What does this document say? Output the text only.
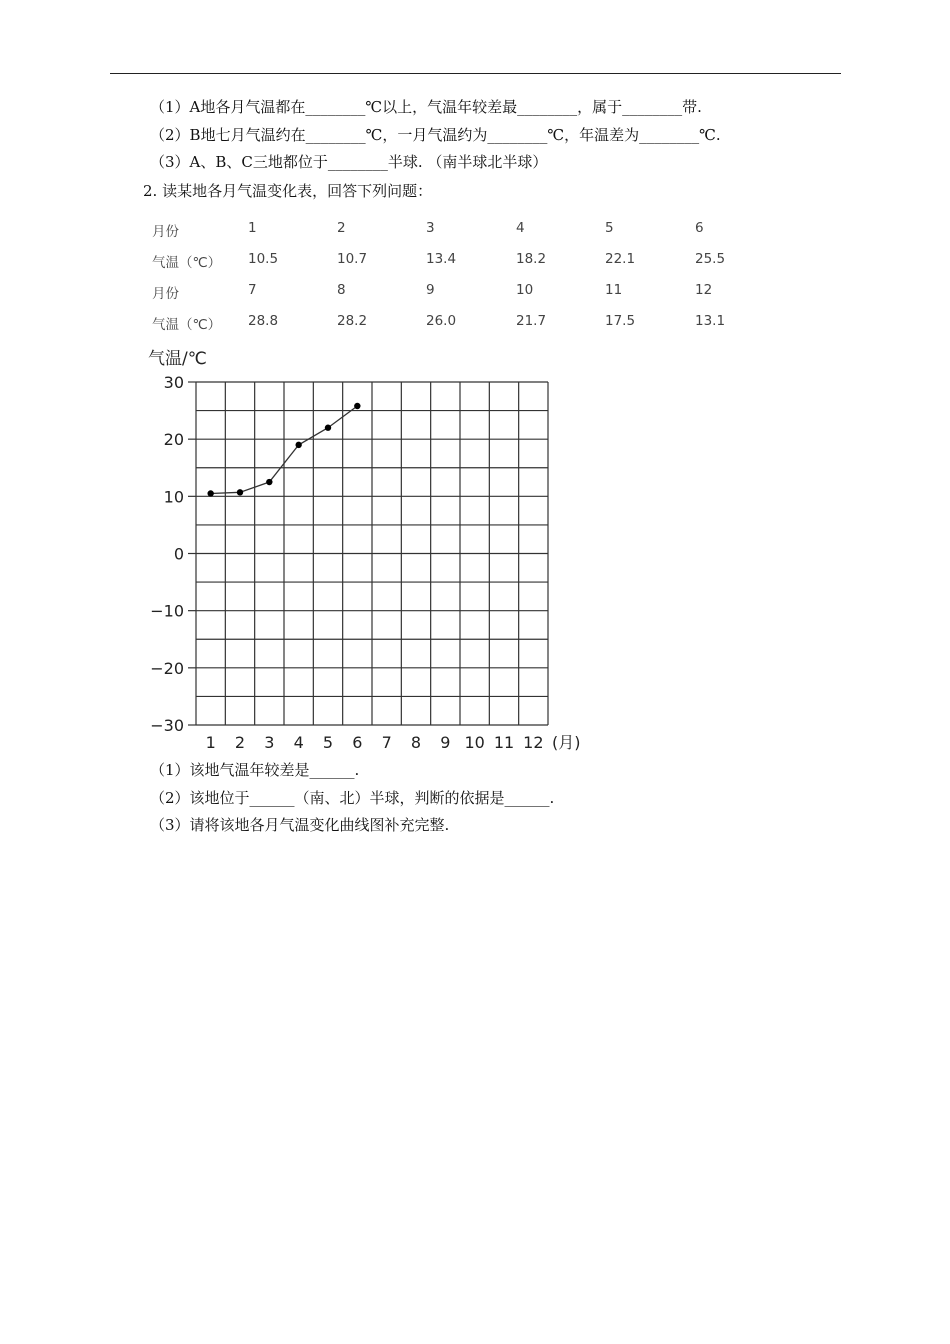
（1）A地各月气温都在________℃以上，气温年较差最________，属于________带.
（2）B地七月气温约在________℃，一月气温约为________℃，年温差为________℃.
（3）A、B、C三地都位于________半球. （南半球北半球）
2. 读某地各月气温变化表，回答下列问题：
月份	1	2	3	4	5	6
气温（℃） 10.5	10.7	13.4	18.2	22.1	25.5
月份	7	8	9	10	11	12
气温（℃） 28.8	28.2	26.0	21.7	17.5	13.1
气温/℃
30
20
10
0
−10
−20
−30
1 2 3 4 5 6 7 8 9 10 11 12 (月)
（1）该地气温年较差是______.
（2）该地位于______（南、北）半球，判断的依据是______.
（3）请将该地各月气温变化曲线图补充完整.
